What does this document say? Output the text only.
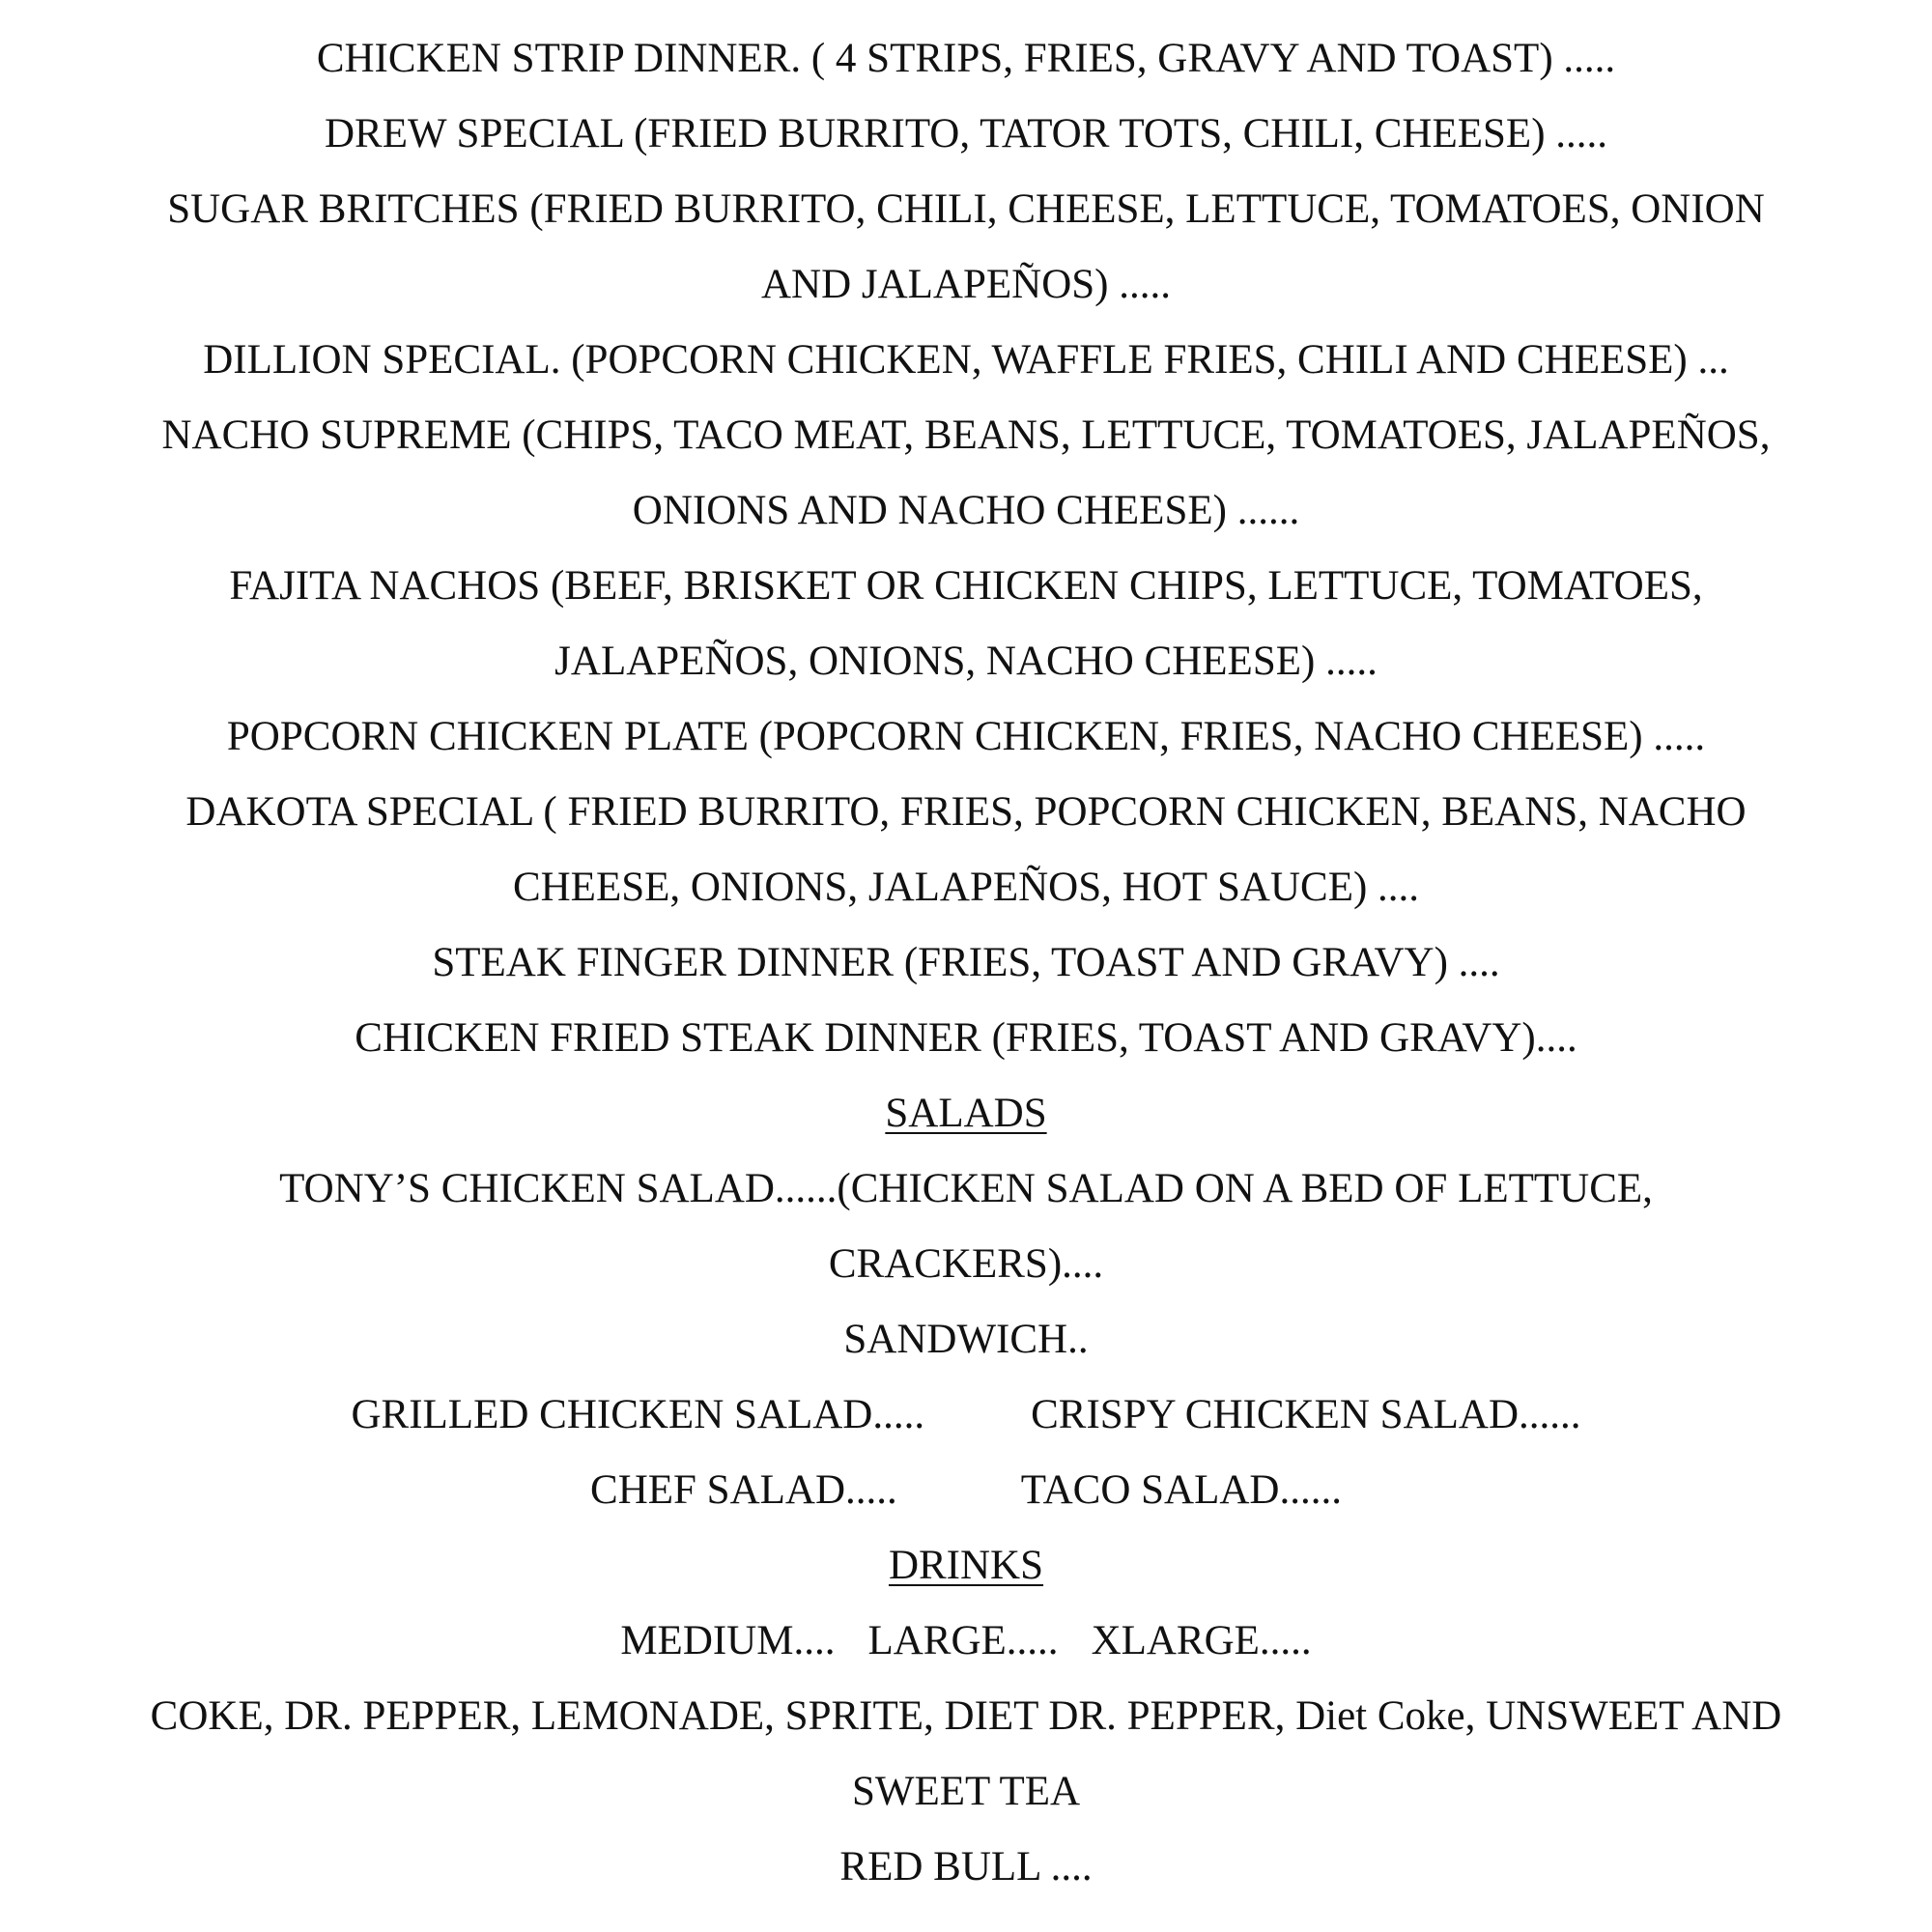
CHICKEN STRIP DINNER. ( 4 STRIPS, FRIES, GRAVY AND TOAST) .....
DREW SPECIAL (FRIED BURRITO, TATOR TOTS, CHILI, CHEESE) .....
SUGAR BRITCHES (FRIED BURRITO, CHILI, CHEESE, LETTUCE, TOMATOES, ONION
AND JALAPEÑOS) .....
DILLION SPECIAL. (POPCORN CHICKEN, WAFFLE FRIES, CHILI AND CHEESE) ...
NACHO SUPREME (CHIPS, TACO MEAT, BEANS, LETTUCE, TOMATOES, JALAPEÑOS,
ONIONS AND NACHO CHEESE) ......
FAJITA NACHOS (BEEF, BRISKET OR CHICKEN CHIPS, LETTUCE, TOMATOES,
JALAPEÑOS, ONIONS, NACHO CHEESE) .....
POPCORN CHICKEN PLATE (POPCORN CHICKEN, FRIES, NACHO CHEESE) .....
DAKOTA SPECIAL ( FRIED BURRITO, FRIES, POPCORN CHICKEN, BEANS, NACHO
CHEESE, ONIONS, JALAPEÑOS, HOT SAUCE) ....
STEAK FINGER DINNER (FRIES, TOAST AND GRAVY) ....
CHICKEN FRIED STEAK DINNER (FRIES, TOAST AND GRAVY)....
SALADS
TONY’S CHICKEN SALAD......(CHICKEN SALAD ON A BED OF LETTUCE,
CRACKERS)....
SANDWICH..
GRILLED CHICKEN SALAD.....	CRISPY CHICKEN SALAD......
CHEF SALAD.....	TACO SALAD......
DRINKS
MEDIUM.... LARGE..... XLARGE.....
COKE, DR. PEPPER, LEMONADE, SPRITE, DIET DR. PEPPER, Diet Coke, UNSWEET AND
SWEET TEA
RED BULL ....
